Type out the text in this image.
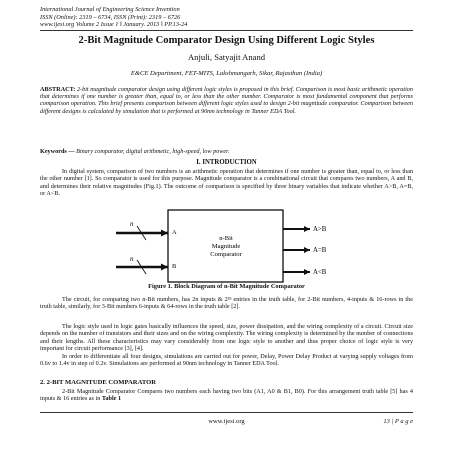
International Journal of Engineering Science Invention
ISSN (Online): 2319 – 6734, ISSN (Print): 2319 – 6726
www.ijesi.org Volume 2 Issue 1 ǁ January. 2013 ǁ PP.13-24
2-Bit Magnitude Comparator Design Using Different Logic Styles
Anjuli, Satyajit Anand
E&CE Department, FET-MITS, Lakshmangarh, Sikar, Rajasthan (India)
ABSTRACT: 2-bit magnitude comparator design using different logic styles is proposed in this brief. Comparison is most basic arithmetic operation that determines if one number is greater than, equal to, or less than the other number. Comparator is most fundamental component that performs comparison operation. This brief presents comparison between different logic styles used to design 2-bit magnitude comparator. Comparison between different designs is calculated by simulation that is performed at 90nm technology in Tanner EDA Tool.
Keywords — Binary comparator, digital arithmetic, high-speed, low power.
I. INTRODUCTION
In digital system, comparison of two numbers is an arithmetic operation that determines if one number is greater than, equal to, or less than the other number [1]. So comparator is used for this purpose. Magnitude comparator is a combinational circuit that compares two numbers, A and B, and determines their relative magnitudes (Fig.1). The outcome of comparison is specified by three binary variables that indicate whether A>B, A=B, or A<B.
n-Bit
Magnitude
Comparator
n
A
n
B
A>B
A=B
A<B
Figure 1. Block Diagram of n-Bit Magnitude Comparator
The circuit, for comparing two n-Bit numbers, has 2n inputs & 2²ⁿ entries in the truth table, for 2-Bit numbers, 4-inputs & 16-rows in the truth table, similarly, for 3-Bit numbers 6-inputs & 64-rows in the truth table [2].
The logic style used in logic gates basically influences the speed, size, power dissipation, and the wiring complexity of a circuit. Circuit size depends on the number of transistors and their sizes and on the wiring complexity. The wiring complexity is determined by the number of connections and their lengths. All these characteristics may vary considerably from one logic style to another and thus proper choice of logic style is very important for circuit performance [3], [4].
In order to differentiate all four designs, simulations are carried out for power, Delay, Power Delay Product at varying supply voltages from 0.6v to 1.4v in step of 0.2v. Simulations are performed at 90nm technology in Tanner EDA Tool.
2. 2-BIT MAGNITUDE COMPARATOR
2-Bit Magnitude Comparator Compares two numbers each having two bits (A1, A0 & B1, B0). For this arrangement truth table [5] has 4 inputs & 16 entries as in Table 1
www.ijesi.org	13 | P a g e
